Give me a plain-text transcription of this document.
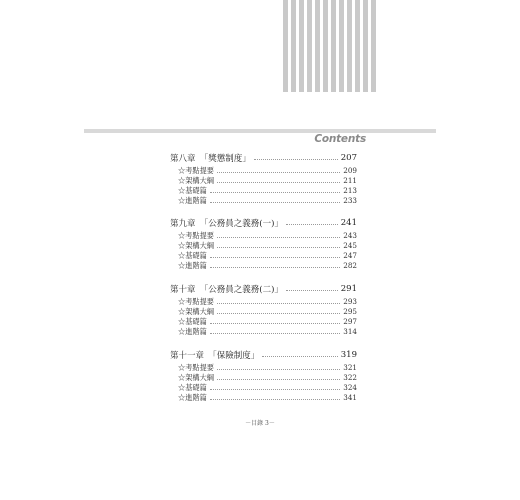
Contents
第八章　「獎懲制度」	207
☆考點提要	209
☆架構大綱	211
☆基礎篇	213
☆進階篇	233
第九章　「公務員之義務(一)」	241
☆考點提要	243
☆架構大綱	245
☆基礎篇	247
☆進階篇	282
第十章　「公務員之義務(二)」	291
☆考點提要	293
☆架構大綱	295
☆基礎篇	297
☆進階篇	314
第十一章　「保險制度」	319
☆考點提要	321
☆架構大綱	322
☆基礎篇	324
☆進階篇	341
－目錄 3－
